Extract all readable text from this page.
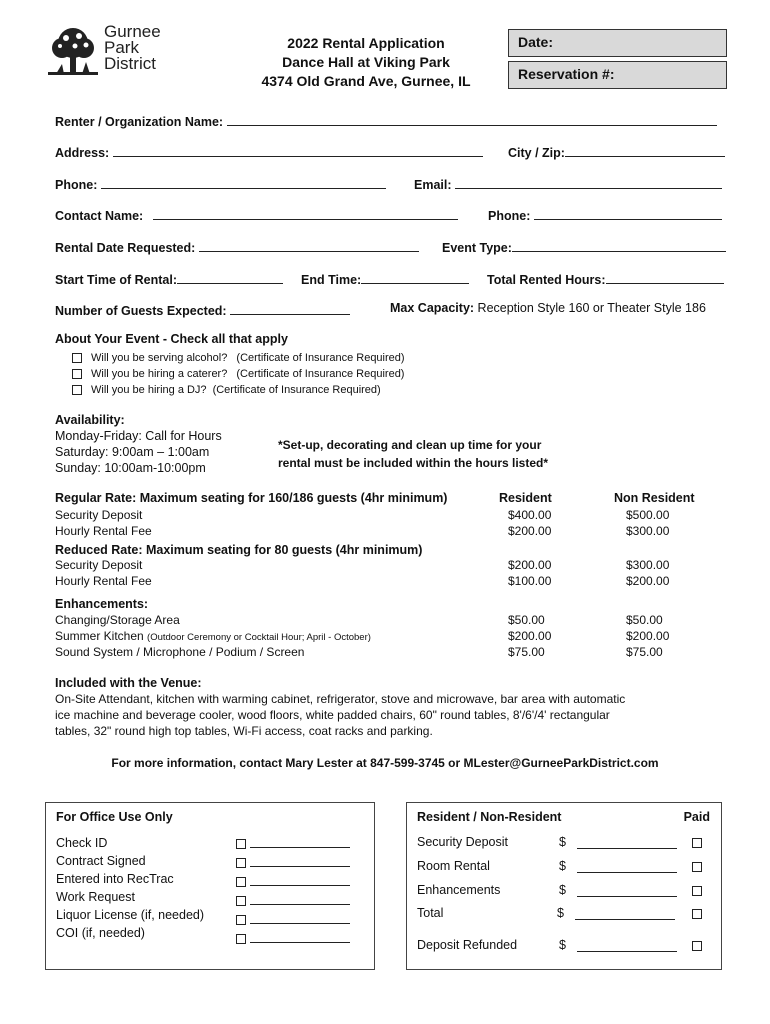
Gurnee
Park
District
2022 Rental Application
Dance Hall at Viking Park
4374 Old Grand Ave, Gurnee, IL
Date:
Reservation #:
Renter / Organization Name:
Address:	City / Zip:
Phone:	Email:
Contact Name:	Phone:
Rental Date Requested:	Event Type:
Start Time of Rental:	End Time:	Total Rented Hours:
Number of Guests Expected:	Max Capacity: Reception Style 160 or Theater Style 186
About Your Event - Check all that apply
Will you be serving alcohol? (Certificate of Insurance Required)
Will you be hiring a caterer? (Certificate of Insurance Required)
Will you be hiring a DJ? (Certificate of Insurance Required)
Availability:
Monday-Friday: Call for Hours
Saturday: 9:00am – 1:00am
Sunday: 10:00am-10:00pm
*Set-up, decorating and clean up time for your
rental must be included within the hours listed*
Regular Rate: Maximum seating for 160/186 guests (4hr minimum)	Resident	Non Resident
Security Deposit	$400.00	$500.00
Hourly Rental Fee	$200.00	$300.00
Reduced Rate: Maximum seating for 80 guests (4hr minimum)
Security Deposit	$200.00	$300.00
Hourly Rental Fee	$100.00	$200.00
Enhancements:
Changing/Storage Area	$50.00	$50.00
Summer Kitchen (Outdoor Ceremony or Cocktail Hour; April - October)	$200.00	$200.00
Sound System / Microphone / Podium / Screen	$75.00	$75.00
Included with the Venue:
On-Site Attendant, kitchen with warming cabinet, refrigerator, stove and microwave, bar area with automatic
ice machine and beverage cooler, wood floors, white padded chairs, 60" round tables, 8'/6'/4' rectangular
tables, 32" round high top tables, Wi-Fi access, coat racks and parking.
For more information, contact Mary Lester at 847-599-3745 or MLester@GurneeParkDistrict.com
For Office Use Only
Check ID
Contract Signed
Entered into RecTrac
Work Request
Liquor License (if, needed)
COI (if, needed)
Resident / Non-Resident	Paid
Security Deposit	$
Room Rental	$
Enhancements	$
Total	$
Deposit Refunded	$
